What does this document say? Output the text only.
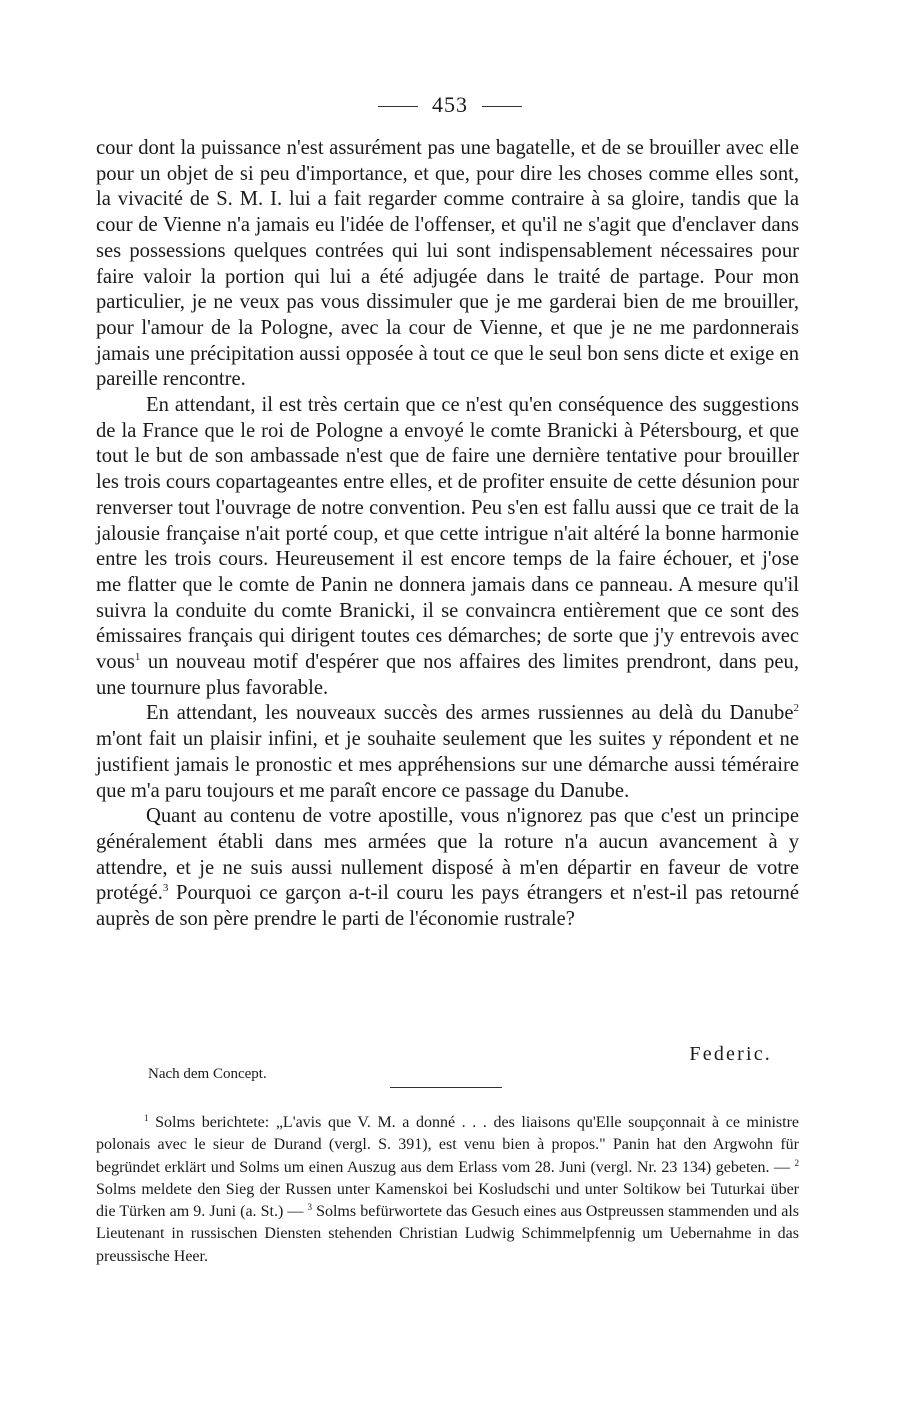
453

cour dont la puissance n'est assurément pas une bagatelle, et de se brouiller avec elle pour un objet de si peu d'importance, et que, pour dire les choses comme elles sont, la vivacité de S. M. I. lui a fait regarder comme contraire à sa gloire, tandis que la cour de Vienne n'a jamais eu l'idée de l'offenser, et qu'il ne s'agit que d'enclaver dans ses possessions quelques contrées qui lui sont indispensablement nécessaires pour faire valoir la portion qui lui a été adjugée dans le traité de partage. Pour mon particulier, je ne veux pas vous dissimuler que je me garderai bien de me brouiller, pour l'amour de la Pologne, avec la cour de Vienne, et que je ne me pardonnerais jamais une précipitation aussi opposée à tout ce que le seul bon sens dicte et exige en pareille rencontre.

En attendant, il est très certain que ce n'est qu'en conséquence des suggestions de la France que le roi de Pologne a envoyé le comte Branicki à Pétersbourg, et que tout le but de son ambassade n'est que de faire une dernière tentative pour brouiller les trois cours copartageantes entre elles, et de profiter ensuite de cette désunion pour renverser tout l'ouvrage de notre convention. Peu s'en est fallu aussi que ce trait de la jalousie française n'ait porté coup, et que cette intrigue n'ait altéré la bonne harmonie entre les trois cours. Heureusement il est encore temps de la faire échouer, et j'ose me flatter que le comte de Panin ne donnera jamais dans ce panneau. A mesure qu'il suivra la conduite du comte Branicki, il se convaincra entièrement que ce sont des émissaires français qui dirigent toutes ces démarches; de sorte que j'y entrevois avec vous$^1$ un nouveau motif d'espérer que nos affaires des limites prendront, dans peu, une tournure plus favorable.

En attendant, les nouveaux succès des armes russiennes au delà du Danube$^2$ m'ont fait un plaisir infini, et je souhaite seulement que les suites y répondent et ne justifient jamais le pronostic et mes appréhensions sur une démarche aussi téméraire que m'a paru toujours et me paraît encore ce passage du Danube.

Quant au contenu de votre apostille, vous n'ignorez pas que c'est un principe généralement établi dans mes armées que la roture n'a aucun avancement à y attendre, et je ne suis aussi nullement disposé à m'en départir en faveur de votre protégé.$^3$ Pourquoi ce garçon a-t-il couru les pays étrangers et n'est-il pas retourné auprès de son père prendre le parti de l'économie rustrale?

Federic.
Nach dem Concept.

$^1$ Solms berichtete: „L'avis que V. M. a donné . . . des liaisons qu'Elle soupçonnait à ce ministre polonais avec le sieur de Durand (vergl. S. 391), est venu bien à propos." Panin hat den Argwohn für begründet erklärt und Solms um einen Auszug aus dem Erlass vom 28. Juni (vergl. Nr. 23 134) gebeten. — $^2$ Solms meldete den Sieg der Russen unter Kamenskoi bei Kosludschi und unter Soltikow bei Tuturkai über die Türken am 9. Juni (a. St.) — $^3$ Solms befürwortete das Gesuch eines aus Ostpreussen stammenden und als Lieutenant in russischen Diensten stehenden Christian Ludwig Schimmelpfennig um Uebernahme in das preussische Heer.
